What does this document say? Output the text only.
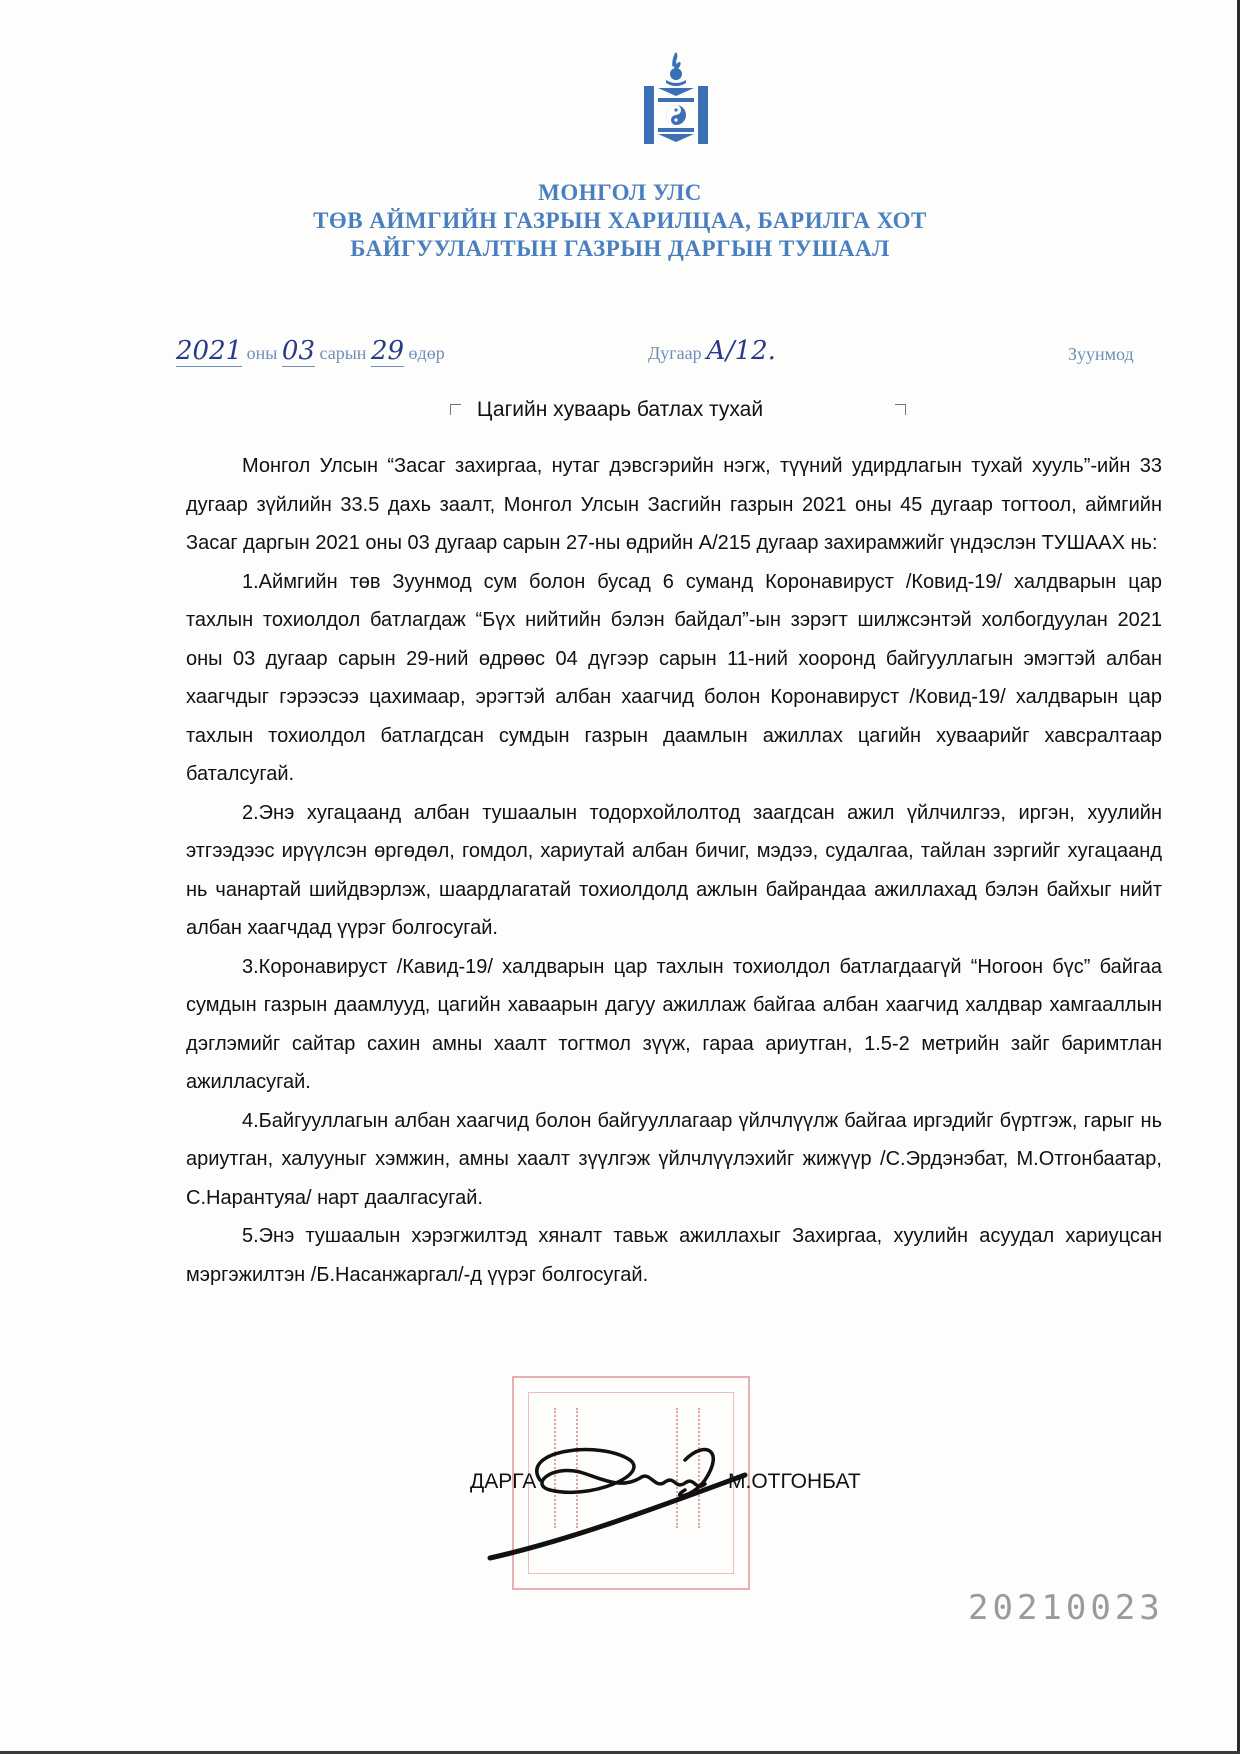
МОНГОЛ УЛС
ТӨВ АЙМГИЙН ГАЗРЫН ХАРИЛЦАА, БАРИЛГА ХОТ
БАЙГУУЛАЛТЫН ГАЗРЫН ДАРГЫН ТУШААЛ
2021 оны 03 сарын 29 өдөр	Дугаар А/12.	Зуунмод
Цагийн хуваарь батлах тухай

Монгол Улсын “Засаг захиргаа, нутаг дэвсгэрийн нэгж, түүний удирдлагын тухай хууль”-ийн 33 дугаар зүйлийн 33.5 дахь заалт, Монгол Улсын Засгийн газрын 2021 оны 45 дугаар тогтоол, аймгийн Засаг даргын 2021 оны 03 дугаар сарын 27-ны өдрийн А/215 дугаар захирамжийг үндэслэн ТУШААХ нь:

1.Аймгийн төв Зуунмод сум болон бусад 6 суманд Коронавируст /Ковид-19/ халдварын цар тахлын тохиолдол батлагдаж “Бүх нийтийн бэлэн байдал”-ын зэрэгт шилжсэнтэй холбогдуулан 2021 оны 03 дугаар сарын 29-ний өдрөөс 04 дүгээр сарын 11-ний хооронд байгууллагын эмэгтэй албан хаагчдыг гэрээсээ цахимаар, эрэгтэй албан хаагчид болон Коронавируст /Ковид-19/ халдварын цар тахлын тохиолдол батлагдсан сумдын газрын даамлын ажиллах цагийн хуваарийг хавсралтаар баталсугай.

2.Энэ хугацаанд албан тушаалын тодорхойлолтод заагдсан ажил үйлчилгээ, иргэн, хуулийн этгээдээс ирүүлсэн өргөдөл, гомдол, хариутай албан бичиг, мэдээ, судалгаа, тайлан зэргийг хугацаанд нь чанартай шийдвэрлэж, шаардлагатай тохиолдолд ажлын байрандаа ажиллахад бэлэн байхыг нийт албан хаагчдад үүрэг болгосугай.

3.Коронавируст /Кавид-19/ халдварын цар тахлын тохиолдол батлагдаагүй “Ногоон бүс” байгаа сумдын газрын даамлууд, цагийн хаваарын дагуу ажиллаж байгаа албан хаагчид халдвар хамгааллын дэглэмийг сайтар сахин амны хаалт тогтмол зүүж, гараа ариутган, 1.5-2 метрийн зайг баримтлан ажилласугай.

4.Байгууллагын албан хаагчид болон байгууллагаар үйлчлүүлж байгаа иргэдийг бүртгэж, гарыг нь ариутган, халууныг хэмжин, амны хаалт зүүлгэж үйлчлүүлэхийг жижүүр /С.Эрдэнэбат, М.Отгонбаатар, С.Нарантуяа/ нарт даалгасугай.

5.Энэ тушаалын хэрэгжилтэд хяналт тавьж ажиллахыг Захиргаа, хуулийн асуудал хариуцсан мэргэжилтэн /Б.Насанжаргал/-д үүрэг болгосугай.

ДАРГА	М.ОТГОНБАТ
20210023
